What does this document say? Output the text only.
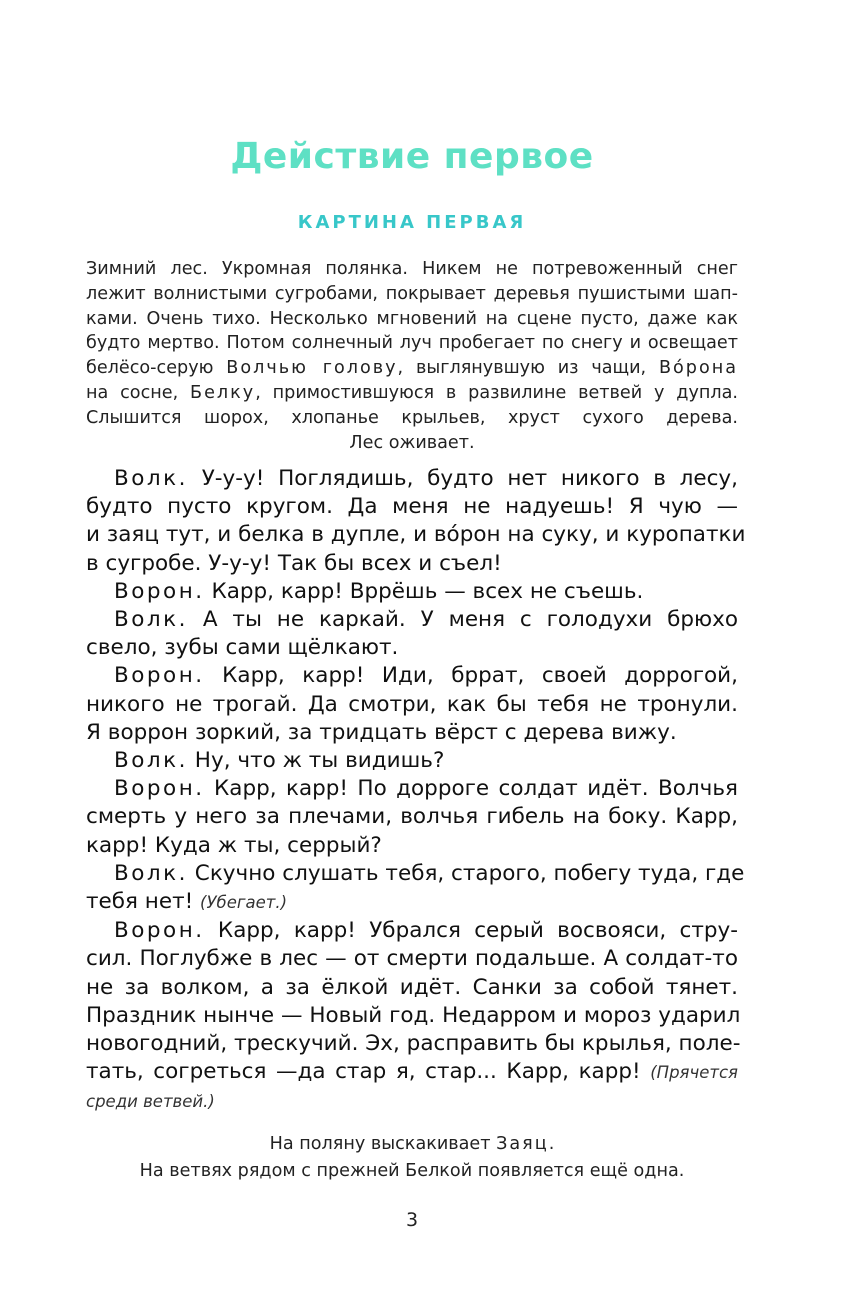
Действие первое
КАРТИНА ПЕРВАЯ
Зимний лес. Укромная полянка. Никем не потревоженный снег
лежит волнистыми сугробами, покрывает деревья пушистыми шап-
ками. Очень тихо. Несколько мгновений на сцене пусто, даже как
будто мертво. Потом солнечный луч пробегает по снегу и освещает
белёсо-серую Волчью голову, выглянувшую из чащи, Во́рона
на сосне, Белку, примостившуюся в развилине ветвей у дупла.
Слышится шорох, хлопанье крыльев, хруст сухого дерева.
Лес оживает.
Волк. У-у-у! Поглядишь, будто нет никого в лесу,
будто пусто кругом. Да меня не надуешь! Я чую —
и заяц тут, и белка в дупле, и во́рон на суку, и куропатки
в сугробе. У-у-у! Так бы всех и съел!
Ворон. Карр, карр! Вррёшь — всех не съешь.
Волк. А ты не каркай. У меня с голодухи брюхо
свело, зубы сами щёлкают.
Ворон. Карр, карр! Иди, бррат, своей доррогой,
никого не трогай. Да смотри, как бы тебя не тронули.
Я воррон зоркий, за тридцать вёрст с дерева вижу.
Волк. Ну, что ж ты видишь?
Ворон. Карр, карр! По дорроге солдат идёт. Волчья
смерть у него за плечами, волчья гибель на боку. Карр,
карр! Куда ж ты, серрый?
Волк. Скучно слушать тебя, старого, побегу туда, где
тебя нет! (Убегает.)
Ворон. Карр, карр! Убрался серый восвояси, стру-
сил. Поглубже в лес — от смерти подальше. А солдат-то
не за волком, а за ёлкой идёт. Санки за собой тянет.
Праздник нынче — Новый год. Недарром и мороз ударил
новогодний, трескучий. Эх, расправить бы крылья, поле-
тать, согреться —да стар я, стар... Карр, карр! (Прячется
среди ветвей.)
На поляну выскакивает Заяц.
На ветвях рядом с прежней Белкой появляется ещё одна.
3
